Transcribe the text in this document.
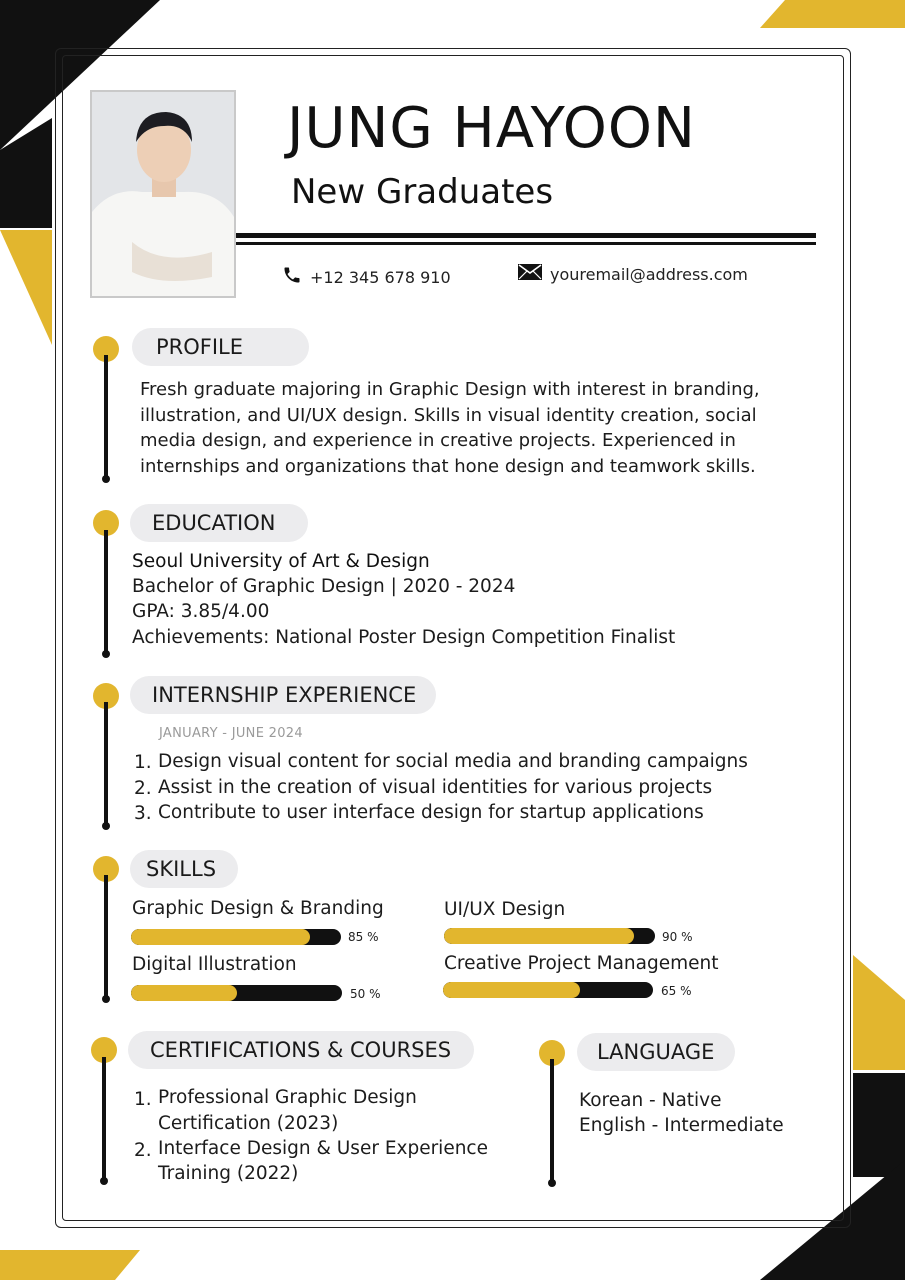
JUNG HAYOON
New Graduates
+12 345 678 910	youremail@address.com
PROFILE
Fresh graduate majoring in Graphic Design with interest in branding,
illustration, and UI/UX design. Skills in visual identity creation, social
media design, and experience in creative projects. Experienced in
internships and organizations that hone design and teamwork skills.
EDUCATION
Seoul University of Art & Design
Bachelor of Graphic Design | 2020 - 2024
GPA: 3.85/4.00
Achievements: National Poster Design Competition Finalist
INTERNSHIP EXPERIENCE
JANUARY - JUNE 2024
1. Design visual content for social media and branding campaigns
2. Assist in the creation of visual identities for various projects
3. Contribute to user interface design for startup applications
SKILLS
Graphic Design & Branding
85 %
UI/UX Design
90 %
Digital Illustration
50 %
Creative Project Management
65 %
CERTIFICATIONS & COURSES
1. Professional Graphic Design
Certification (2023)
2. Interface Design & User Experience
Training (2022)
LANGUAGE
Korean - Native
English - Intermediate
